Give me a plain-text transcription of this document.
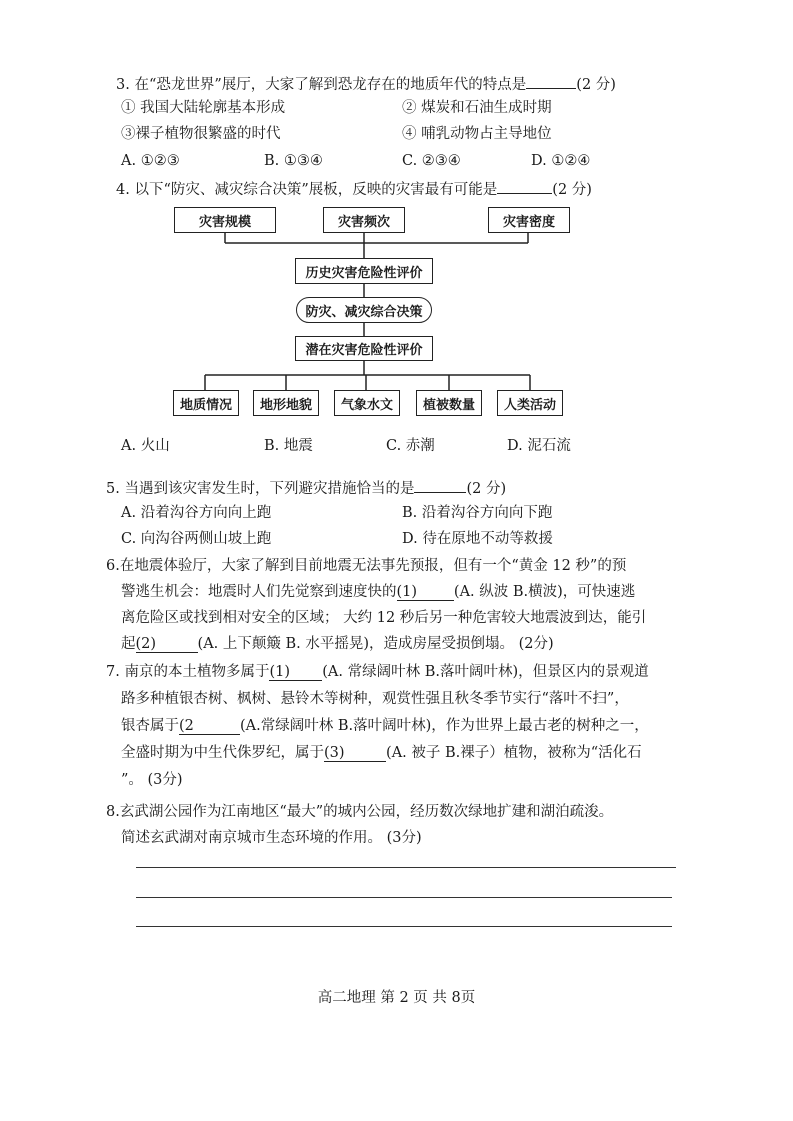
3. 在“恐龙世界”展厅，大家了解到恐龙存在的地质年代的特点是	(2 分)
① 我国大陆轮廓基本形成	② 煤炭和石油生成时期
③裸子植物很繁盛的时代	④ 哺乳动物占主导地位
A. ①②③	B. ①③④	C. ②③④	D. ①②④
4. 以下“防灾、减灾综合决策”展板，反映的灾害最有可能是	(2 分)
灾害规模	灾害频次	灾害密度
历史灾害危险性评价
防灾、减灾综合决策
潜在灾害危险性评价
地质情况	地形地貌	气象水文	植被数量	人类活动
A. 火山	B. 地震	C. 赤潮	D. 泥石流
5. 当遇到该灾害发生时，下列避灾措施恰当的是	(2 分)
A. 沿着沟谷方向向上跑	B. 沿着沟谷方向向下跑
C. 向沟谷两侧山坡上跑	D. 待在原地不动等救援
6.在地震体验厅，大家了解到目前地震无法事先预报，但有一个“黄金 12 秒”的预
警逃生机会：地震时人们先觉察到速度快的(1)	(A. 纵波 B.横波)，可快速逃
离危险区或找到相对安全的区域； 大约 12 秒后另一种危害较大地震波到达，能引
起(2)	(A. 上下颠簸 B. 水平摇晃)，造成房屋受损倒塌。 (2分)
7. 南京的本土植物多属于(1) (A. 常绿阔叶林 B.落叶阔叶林)，但景区内的景观道
路多种植银杏树、枫树、悬铃木等树种，观赏性强且秋冬季节实行“落叶不扫”，
银杏属于(2	(A.常绿阔叶林 B.落叶阔叶林)，作为世界上最古老的树种之一，
全盛时期为中生代侏罗纪，属于(3)	(A. 被子 B.裸子）植物，被称为“活化石
”。 (3分)
8.玄武湖公园作为江南地区“最大”的城内公园，经历数次绿地扩建和湖泊疏浚。
简述玄武湖对南京城市生态环境的作用。 (3分)
高二地理 第 2 页 共 8页
